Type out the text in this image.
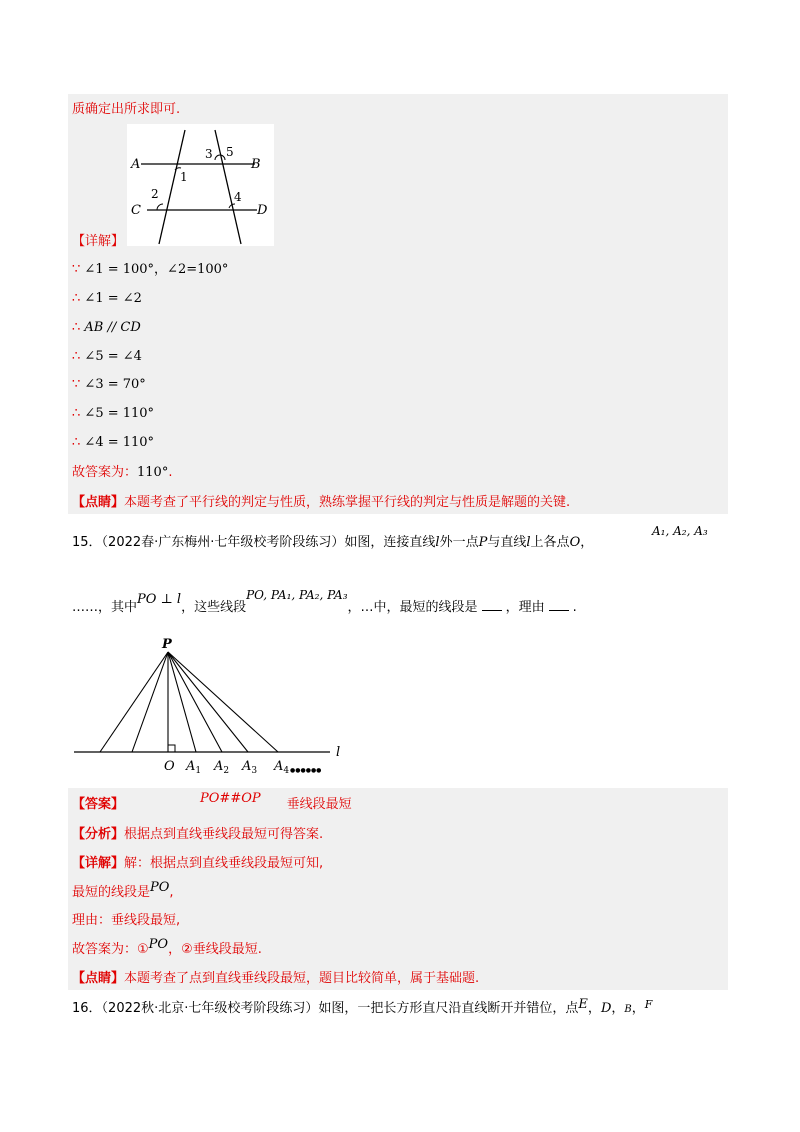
质确定出所求即可.
A	B
C	D
1
2
3
4
5
【详解】
∵ ∠1 = 100°，∠2=100°
∴ ∠1 = ∠2
∴ AB // CD
∴ ∠5 = ∠4
∵ ∠3 = 70°
∴ ∠5 = 110°
∴ ∠4 = 110°
故答案为：110°.
【点睛】本题考查了平行线的判定与性质，熟练掌握平行线的判定与性质是解题的关键.
15．（2022春·广东梅州·七年级校考阶段练习）如图，连接直线l外一点P与直线l上各点O，
A₁, A₂, A₃
……，其中PO ⊥ l，这些线段PO, PA₁, PA₂, PA₃，…中，最短的线段是 ，理由 .
P
l
O $A_1$ $A_2$ $A_3$ $A_4$ ●●●●●●
【答案】	PO##OP 垂线段最短
【分析】根据点到直线垂线段最短可得答案.
【详解】解：根据点到直线垂线段最短可知,
最短的线段是PO,
理由：垂线段最短,
故答案为：①PO，②垂线段最短.
【点睛】本题考查了点到直线垂线段最短，题目比较简单，属于基础题.
16．（2022秋·北京·七年级校考阶段练习）如图，一把长方形直尺沿直线断开并错位，点E，D，B，$^F$
